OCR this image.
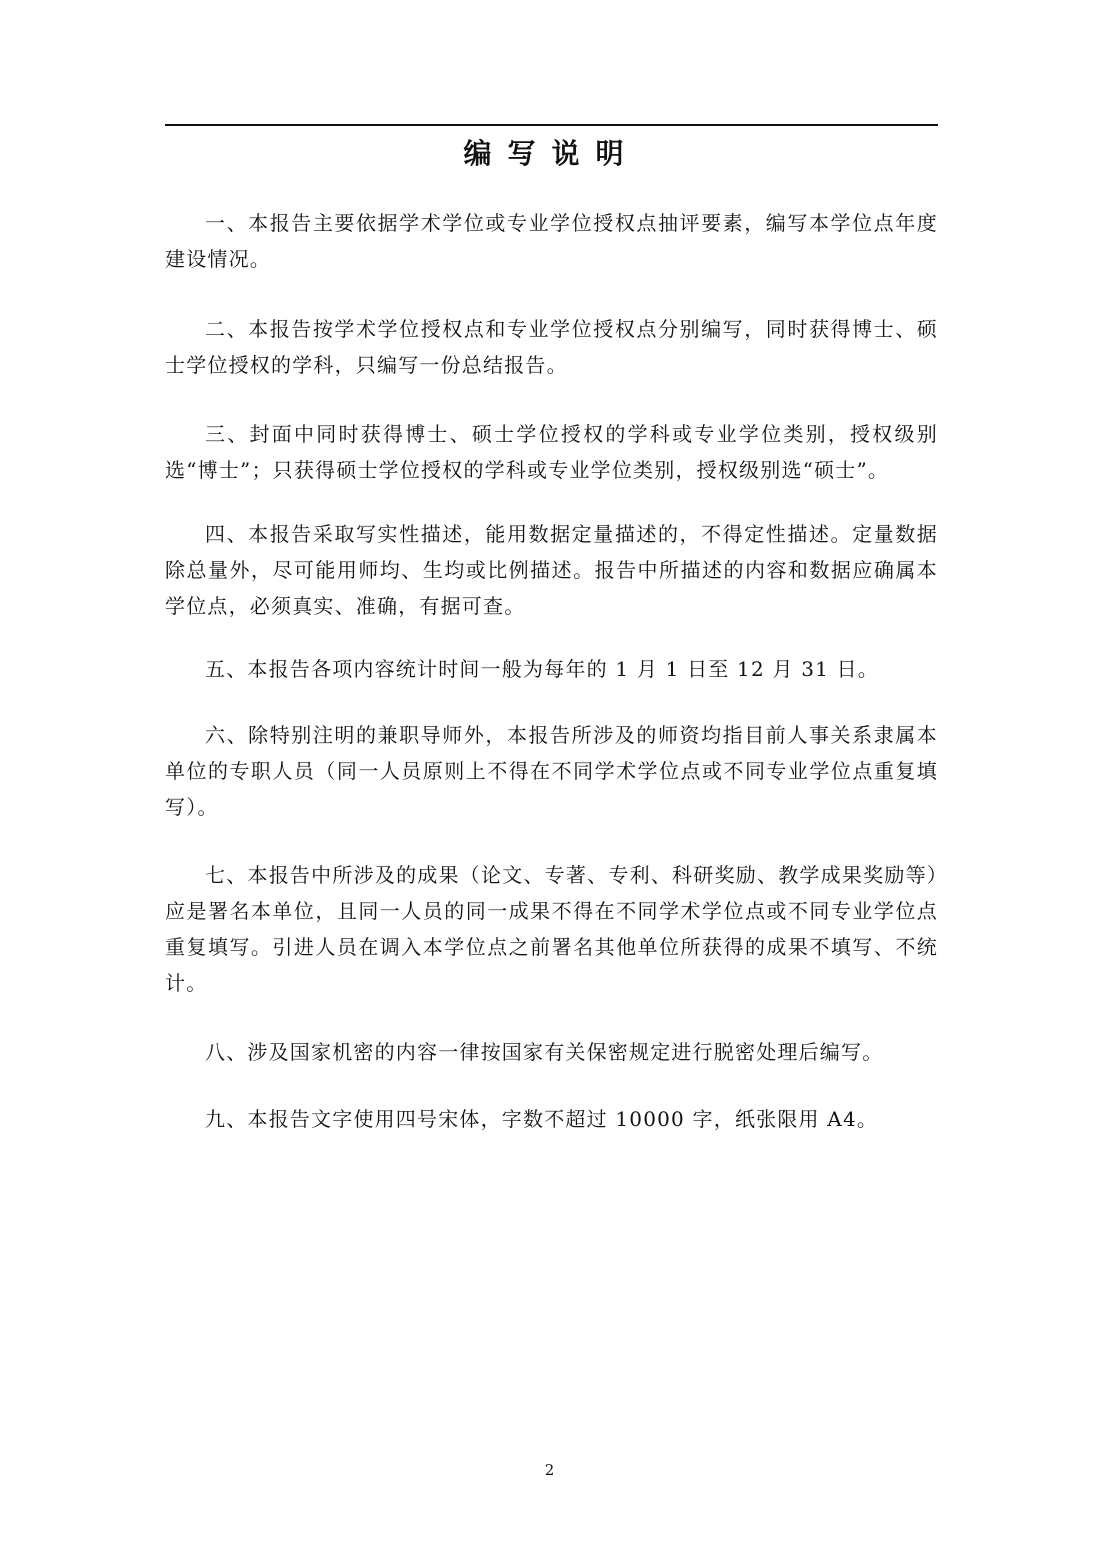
编写说明

一、本报告主要依据学术学位或专业学位授权点抽评要素，编写本学位点年度建设情况。

二、本报告按学术学位授权点和专业学位授权点分别编写，同时获得博士、硕士学位授权的学科，只编写一份总结报告。

三、封面中同时获得博士、硕士学位授权的学科或专业学位类别，授权级别选“博士”；只获得硕士学位授权的学科或专业学位类别，授权级别选“硕士”。

四、本报告采取写实性描述，能用数据定量描述的，不得定性描述。定量数据除总量外，尽可能用师均、生均或比例描述。报告中所描述的内容和数据应确属本学位点，必须真实、准确，有据可查。

五、本报告各项内容统计时间一般为每年的 1 月 1 日至 12 月 31 日。

六、除特别注明的兼职导师外，本报告所涉及的师资均指目前人事关系隶属本单位的专职人员（同一人员原则上不得在不同学术学位点或不同专业学位点重复填写）。

七、本报告中所涉及的成果（论文、专著、专利、科研奖励、教学成果奖励等）应是署名本单位，且同一人员的同一成果不得在不同学术学位点或不同专业学位点重复填写。引进人员在调入本学位点之前署名其他单位所获得的成果不填写、不统计。

八、涉及国家机密的内容一律按国家有关保密规定进行脱密处理后编写。

九、本报告文字使用四号宋体，字数不超过 10000 字，纸张限用 A4。

2
